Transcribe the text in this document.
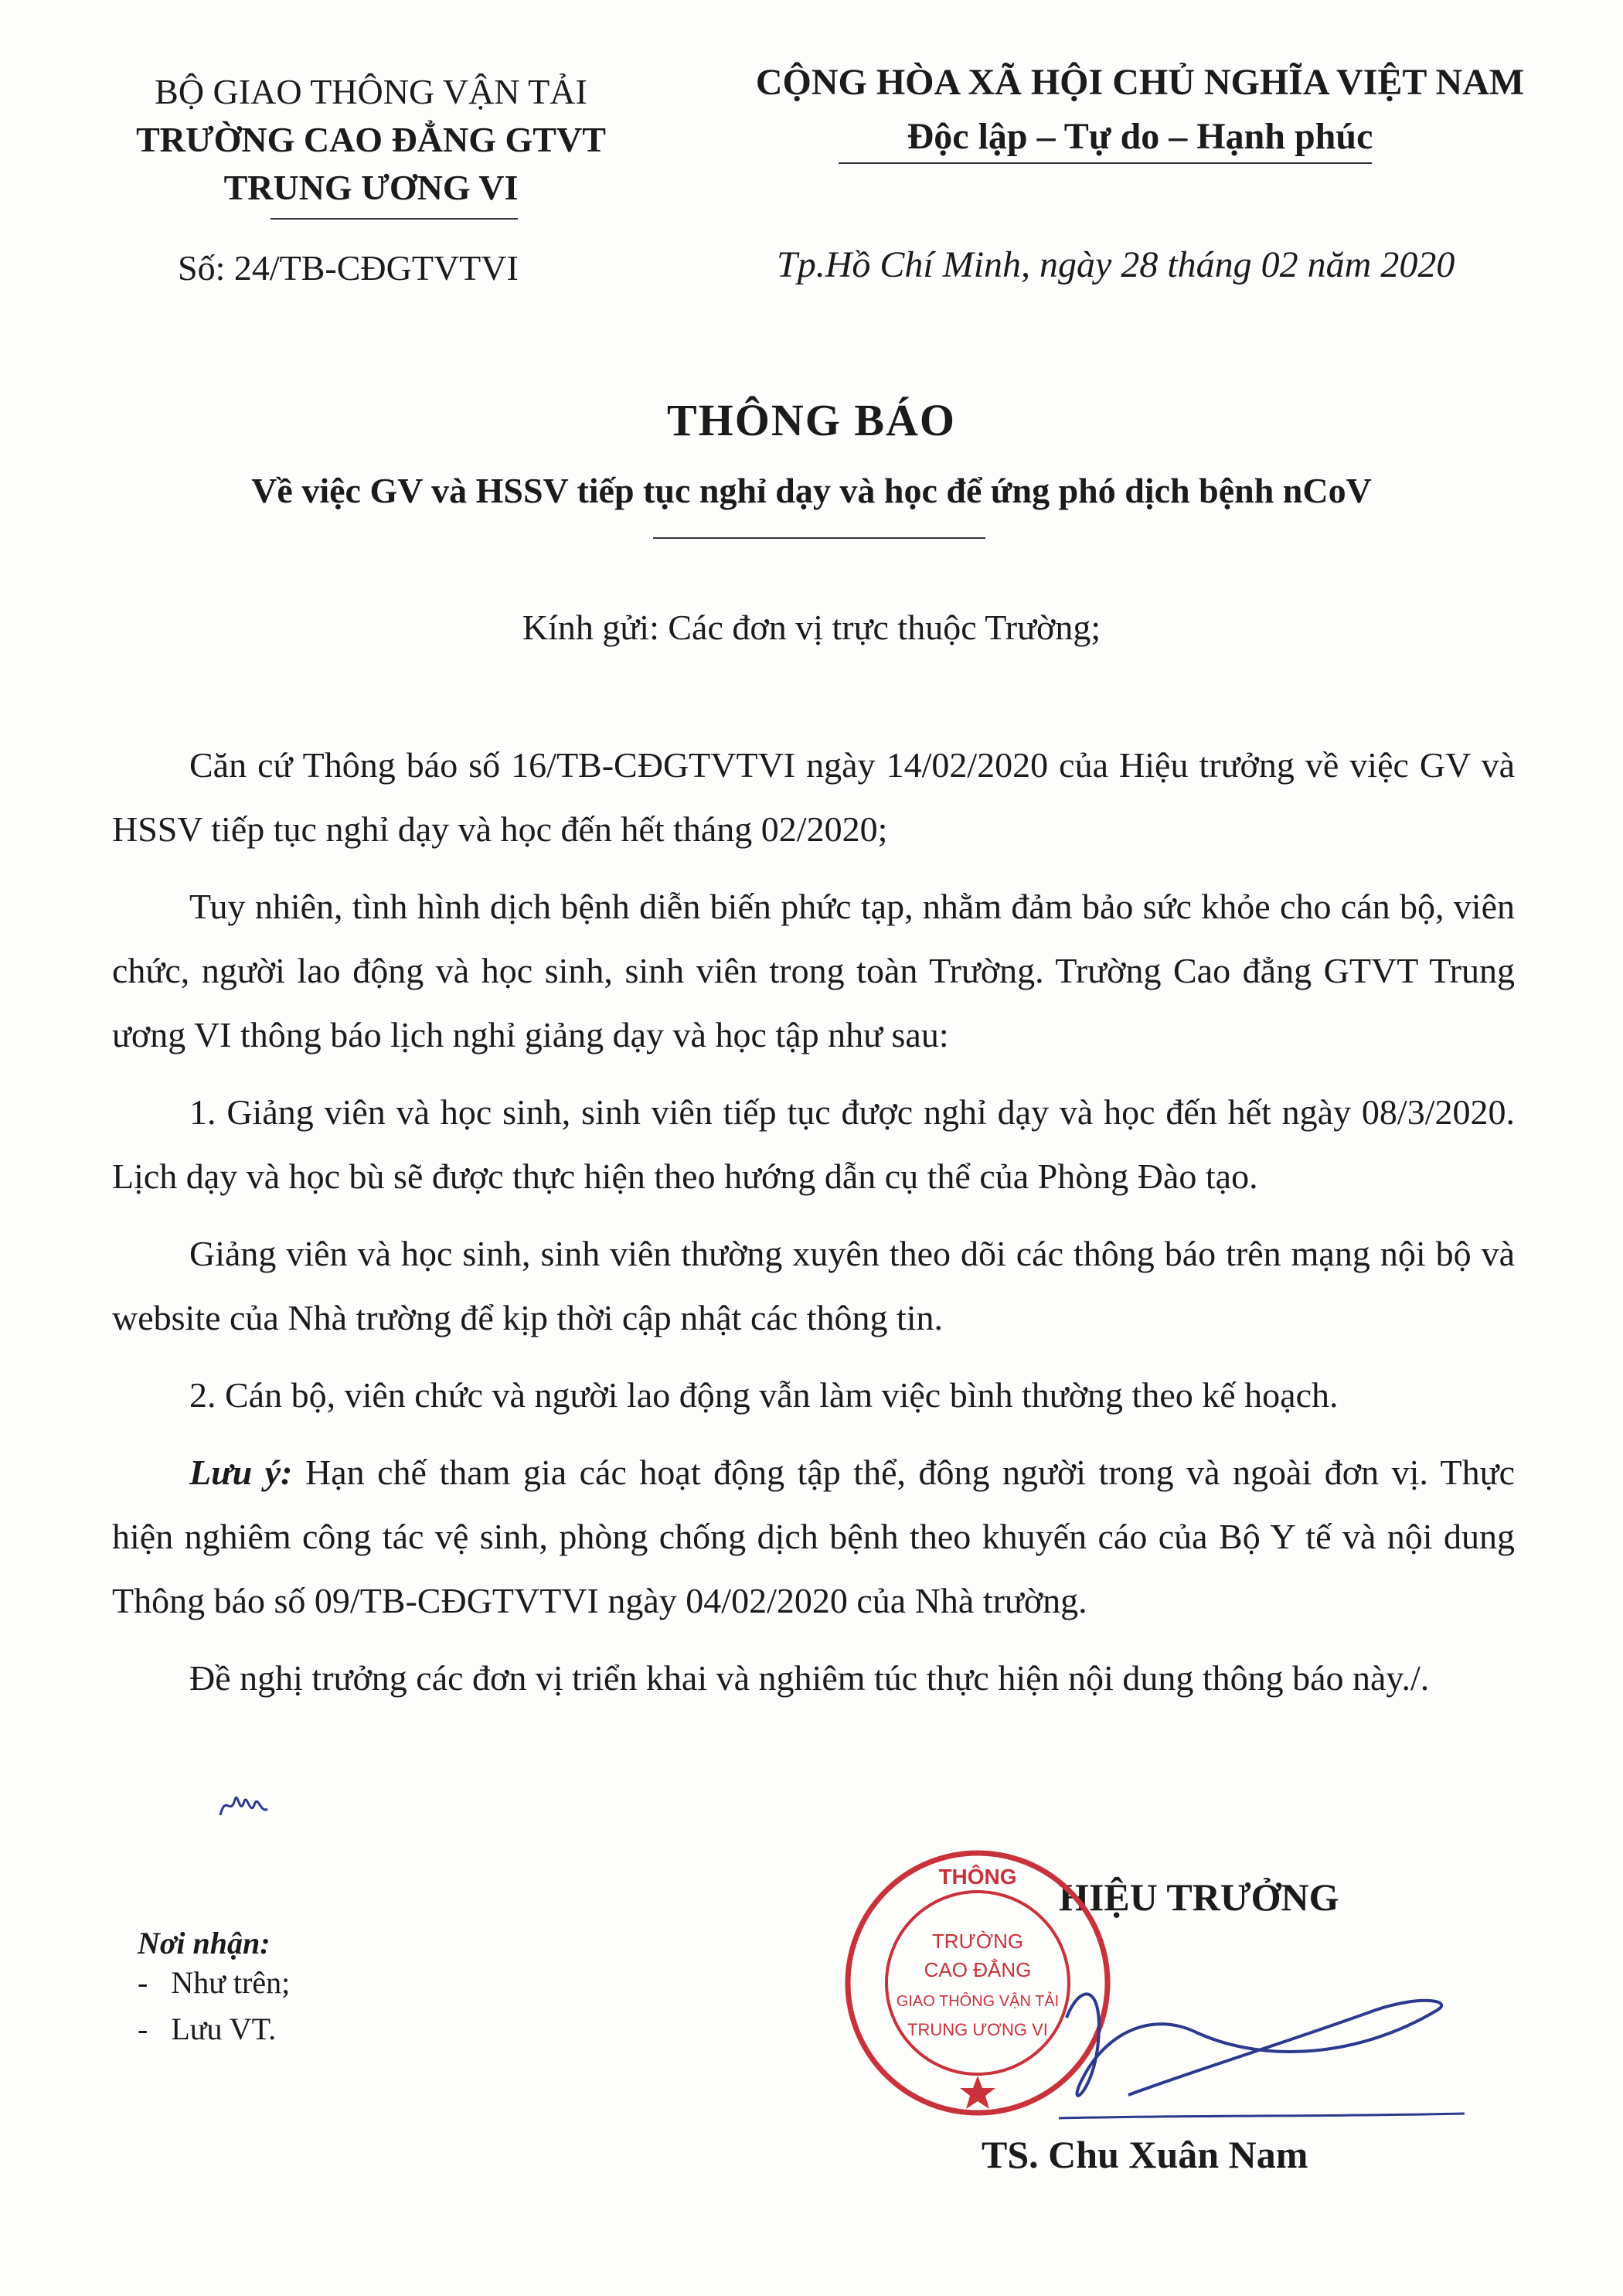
BỘ GIAO THÔNG VẬN TẢI
TRƯỜNG CAO ĐẲNG GTVT
TRUNG ƯƠNG VI
CỘNG HÒA XÃ HỘI CHỦ NGHĨA VIỆT NAM
Độc lập – Tự do – Hạnh phúc
Số: 24/TB-CĐGTVTVI	Tp.Hồ Chí Minh, ngày 28 tháng 02 năm 2020
THÔNG BÁO
Về việc GV và HSSV tiếp tục nghỉ dạy và học để ứng phó dịch bệnh nCoV
Kính gửi: Các đơn vị trực thuộc Trường;

Căn cứ Thông báo số 16/TB-CĐGTVTVI ngày 14/02/2020 của Hiệu trưởng về việc GV và HSSV tiếp tục nghỉ dạy và học đến hết tháng 02/2020;

Tuy nhiên, tình hình dịch bệnh diễn biến phức tạp, nhằm đảm bảo sức khỏe cho cán bộ, viên chức, người lao động và học sinh, sinh viên trong toàn Trường. Trường Cao đẳng GTVT Trung ương VI thông báo lịch nghỉ giảng dạy và học tập như sau:

1. Giảng viên và học sinh, sinh viên tiếp tục được nghỉ dạy và học đến hết ngày 08/3/2020. Lịch dạy và học bù sẽ được thực hiện theo hướng dẫn cụ thể của Phòng Đào tạo.

Giảng viên và học sinh, sinh viên thường xuyên theo dõi các thông báo trên mạng nội bộ và website của Nhà trường để kịp thời cập nhật các thông tin.

2. Cán bộ, viên chức và người lao động vẫn làm việc bình thường theo kế hoạch.

Lưu ý: Hạn chế tham gia các hoạt động tập thể, đông người trong và ngoài đơn vị. Thực hiện nghiêm công tác vệ sinh, phòng chống dịch bệnh theo khuyến cáo của Bộ Y tế và nội dung Thông báo số 09/TB-CĐGTVTVI ngày 04/02/2020 của Nhà trường.

Đề nghị trưởng các đơn vị triển khai và nghiêm túc thực hiện nội dung thông báo này./.

Nơi nhận:
-   Như trên;
-   Lưu VT.
HIỆU TRƯỞNG
THÔNG
TRƯỜNG
CAO ĐẲNG
GIAO THÔNG VẬN TẢI
TRUNG ƯƠNG VI
TS. Chu Xuân Nam
